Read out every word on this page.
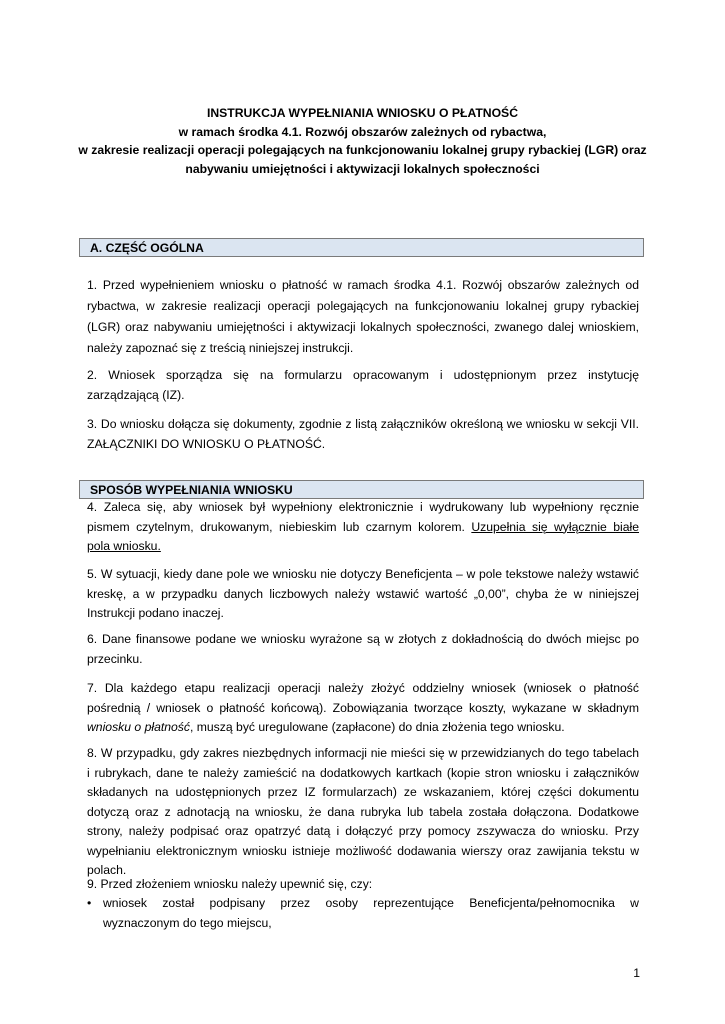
INSTRUKCJA WYPEŁNIANIA WNIOSKU O PŁATNOŚĆ
w ramach środka 4.1. Rozwój obszarów zależnych od rybactwa,
w zakresie realizacji operacji polegających na funkcjonowaniu lokalnej grupy rybackiej (LGR) oraz
nabywaniu umiejętności i aktywizacji lokalnych społeczności
A. CZĘŚĆ OGÓLNA
1. Przed wypełnieniem wniosku o płatność w ramach środka 4.1. Rozwój obszarów zależnych od
rybactwa, w zakresie realizacji operacji polegających na funkcjonowaniu lokalnej grupy rybackiej
(LGR) oraz nabywaniu umiejętności i aktywizacji lokalnych społeczności, zwanego dalej wnioskiem,
należy zapoznać się z treścią niniejszej instrukcji.
2. Wniosek sporządza się na formularzu opracowanym i udostępnionym przez instytucję
zarządzającą (IZ).
3. Do wniosku dołącza się dokumenty, zgodnie z listą załączników określoną we wniosku w sekcji VII.
ZAŁĄCZNIKI DO WNIOSKU O PŁATNOŚĆ.
SPOSÓB WYPEŁNIANIA WNIOSKU
4. Zaleca się, aby wniosek był wypełniony elektronicznie i wydrukowany lub wypełniony ręcznie
pismem czytelnym, drukowanym, niebieskim lub czarnym kolorem. Uzupełnia się wyłącznie białe
pola wniosku.
5. W sytuacji, kiedy dane pole we wniosku nie dotyczy Beneficjenta – w pole tekstowe należy wstawić
kreskę, a w przypadku danych liczbowych należy wstawić wartość „0,00”, chyba że w niniejszej
Instrukcji podano inaczej.
6. Dane finansowe podane we wniosku wyrażone są w złotych z dokładnością do dwóch miejsc po
przecinku.
7. Dla każdego etapu realizacji operacji należy złożyć oddzielny wniosek (wniosek o płatność
pośrednią / wniosek o płatność końcową). Zobowiązania tworzące koszty, wykazane w składnym
wniosku o płatność, muszą być uregulowane (zapłacone) do dnia złożenia tego wniosku.
8. W przypadku, gdy zakres niezbędnych informacji nie mieści się w przewidzianych do tego tabelach
i rubrykach, dane te należy zamieścić na dodatkowych kartkach (kopie stron wniosku i załączników
składanych na udostępnionych przez IZ formularzach) ze wskazaniem, której części dokumentu
dotyczą oraz z adnotacją na wniosku, że dana rubryka lub tabela została dołączona. Dodatkowe
strony, należy podpisać oraz opatrzyć datą i dołączyć przy pomocy zszywacza do wniosku. Przy
wypełnianiu elektronicznym wniosku istnieje możliwość dodawania wierszy oraz zawijania tekstu w
polach.
9. Przed złożeniem wniosku należy upewnić się, czy:
• wniosek został podpisany przez osoby reprezentujące Beneficjenta/pełnomocnika w
wyznaczonym do tego miejscu,
1
